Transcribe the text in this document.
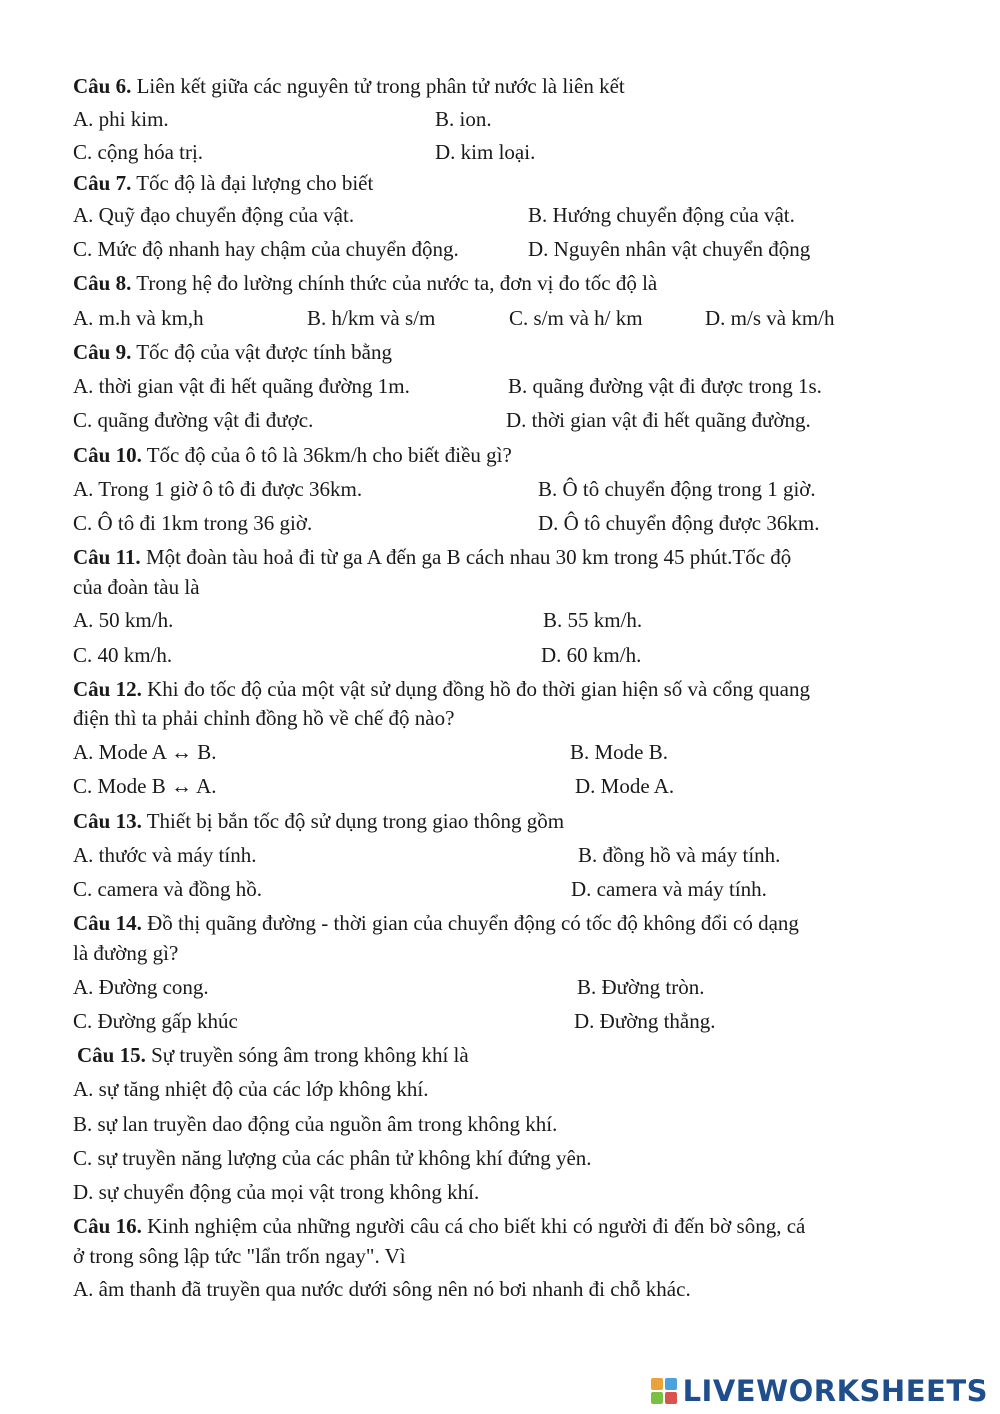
Câu 6. Liên kết giữa các nguyên tử trong phân tử nước là liên kết
A. phi kim.	B. ion.
C. cộng hóa trị.	D. kim loại.
Câu 7. Tốc độ là đại lượng cho biết
A. Quỹ đạo chuyển động của vật.	B. Hướng chuyển động của vật.
C. Mức độ nhanh hay chậm của chuyển động.	D. Nguyên nhân vật chuyển động
Câu 8. Trong hệ đo lường chính thức của nước ta, đơn vị đo tốc độ là
A. m.h và km,h	B. h/km và s/m	C. s/m và h/ km	D. m/s và km/h
Câu 9. Tốc độ của vật được tính bằng
A. thời gian vật đi hết quãng đường 1m.	B. quãng đường vật đi được trong 1s.
C. quãng đường vật đi được.	D. thời gian vật đi hết quãng đường.
Câu 10. Tốc độ của ô tô là 36km/h cho biết điều gì?
A. Trong 1 giờ ô tô đi được 36km.	B. Ô tô chuyển động trong 1 giờ.
C. Ô tô đi 1km trong 36 giờ.	D. Ô tô chuyển động được 36km.
Câu 11. Một đoàn tàu hoả đi từ ga A đến ga B cách nhau 30 km trong 45 phút.Tốc độ
của đoàn tàu là
A. 50 km/h.	B. 55 km/h.
C. 40 km/h.	D. 60 km/h.
Câu 12. Khi đo tốc độ của một vật sử dụng đồng hồ đo thời gian hiện số và cổng quang
điện thì ta phải chỉnh đồng hồ về chế độ nào?
A. Mode A ↔ B.	B. Mode B.
C. Mode B ↔ A.	D. Mode A.
Câu 13. Thiết bị bắn tốc độ sử dụng trong giao thông gồm
A. thước và máy tính.	B. đồng hồ và máy tính.
C. camera và đồng hồ.	D. camera và máy tính.
Câu 14. Đồ thị quãng đường - thời gian của chuyển động có tốc độ không đổi có dạng
là đường gì?
A. Đường cong.	B. Đường tròn.
C. Đường gấp khúc	D. Đường thẳng.
Câu 15. Sự truyền sóng âm trong không khí là
A. sự tăng nhiệt độ của các lớp không khí.
B. sự lan truyền dao động của nguồn âm trong không khí.
C. sự truyền năng lượng của các phân tử không khí đứng yên.
D. sự chuyển động của mọi vật trong không khí.
Câu 16. Kinh nghiệm của những người câu cá cho biết khi có người đi đến bờ sông, cá
ở trong sông lập tức "lẩn trốn ngay". Vì
A. âm thanh đã truyền qua nước dưới sông nên nó bơi nhanh đi chỗ khác.
LIVEWORKSHEETS
